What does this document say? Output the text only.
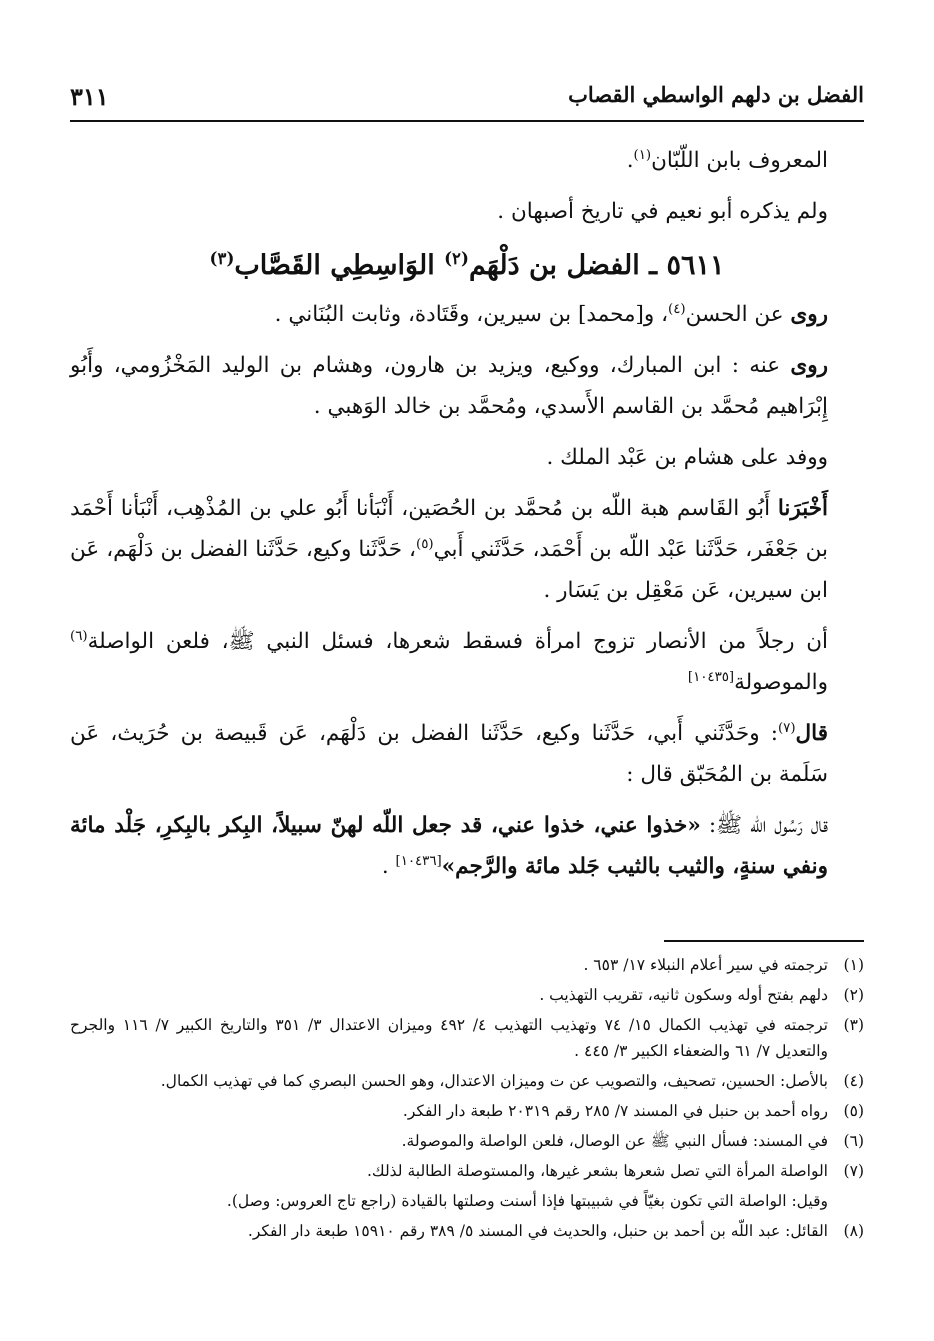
الفضل بن دلهم الواسطي القصاب
٣١١

المعروف بابن اللّبّان$^{(١)}$.

ولم يذكره أبو نعيم في تاريخ أصبهان .

٥٦١١ ـ الفضل بن دَلْهَم$^{(٢)}$ الوَاسِطِي القَصَّاب$^{(٣)}$

روى عن الحسن$^{(٤)}$، و[محمد] بن سيرين، وقَتَادة، وثابت البُنَاني .

روى عنه : ابن المبارك، ووكيع، ويزيد بن هارون، وهشام بن الوليد المَخْزُومي، وأَبُو إِبْرَاهيم مُحمَّد بن القاسم الأَسدي، ومُحمَّد بن خالد الوَهبي .

ووفد على هشام بن عَبْد الملك .

أَخْبَرَنا أَبُو القَاسم هبة اللّه بن مُحمَّد بن الحُصَين، أَنْبَأنا أَبُو علي بن المُذْهِب، أَنْبَأنا أَحْمَد بن جَعْفَر، حَدَّثَنا عَبْد اللّه بن أَحْمَد، حَدَّثَني أَبي$^{(٥)}$، حَدَّثَنا وكيع، حَدَّثَنا الفضل بن دَلْهَم، عَن ابن سيرين، عَن مَعْقِل بن يَسَار .

أن رجلاً من الأنصار تزوج امرأة فسقط شعرها، فسئل النبي ﷺ، فلعن الواصلة$^{(٦)}$ والموصولة[١٠٤٣٥]

قال$^{(٧)}$: وحَدَّثَني أَبي، حَدَّثَنا وكيع، حَدَّثَنا الفضل بن دَلْهَم، عَن قَبيصة بن حُرَيث، عَن سَلَمة بن المُحَبّق قال :

قال رَسُول اللّه ﷺ: «خذوا عني، خذوا عني، قد جعل اللّه لهنّ سبيلاً، البِكر بالبِكرِ، جَلْد مائة ونفي سنةٍ، والثيب بالثيب جَلد مائة والرَّجم»[١٠٤٣٦] .

(١)
ترجمته في سير أعلام النبلاء ١٧/ ٦٥٣ .
(٢)
دلهم بفتح أوله وسكون ثانيه، تقريب التهذيب .
(٣)
ترجمته في تهذيب الكمال ١٥/ ٧٤ وتهذيب التهذيب ٤/ ٤٩٢ وميزان الاعتدال ٣/ ٣٥١ والتاريخ الكبير ٧/ ١١٦ والجرح والتعديل ٧/ ٦١ والضعفاء الكبير ٣/ ٤٤٥ .
(٤)
بالأصل: الحسين، تصحيف، والتصويب عن ت وميزان الاعتدال، وهو الحسن البصري كما في تهذيب الكمال.
(٥)
رواه أحمد بن حنبل في المسند ٧/ ٢٨٥ رقم ٢٠٣١٩ طبعة دار الفكر.
(٦)
في المسند: فسأل النبي ﷺ عن الوصال، فلعن الواصلة والموصولة.
(٧)
الواصلة المرأة التي تصل شعرها بشعر غيرها، والمستوصلة الطالبة لذلك.
وقيل: الواصلة التي تكون بغيّاً في شبيبتها فإذا أسنت وصلتها بالقيادة (راجع تاج العروس: وصل).
(٨)
القائل: عبد اللّه بن أحمد بن حنبل، والحديث في المسند ٥/ ٣٨٩ رقم ١٥٩١٠ طبعة دار الفكر.
